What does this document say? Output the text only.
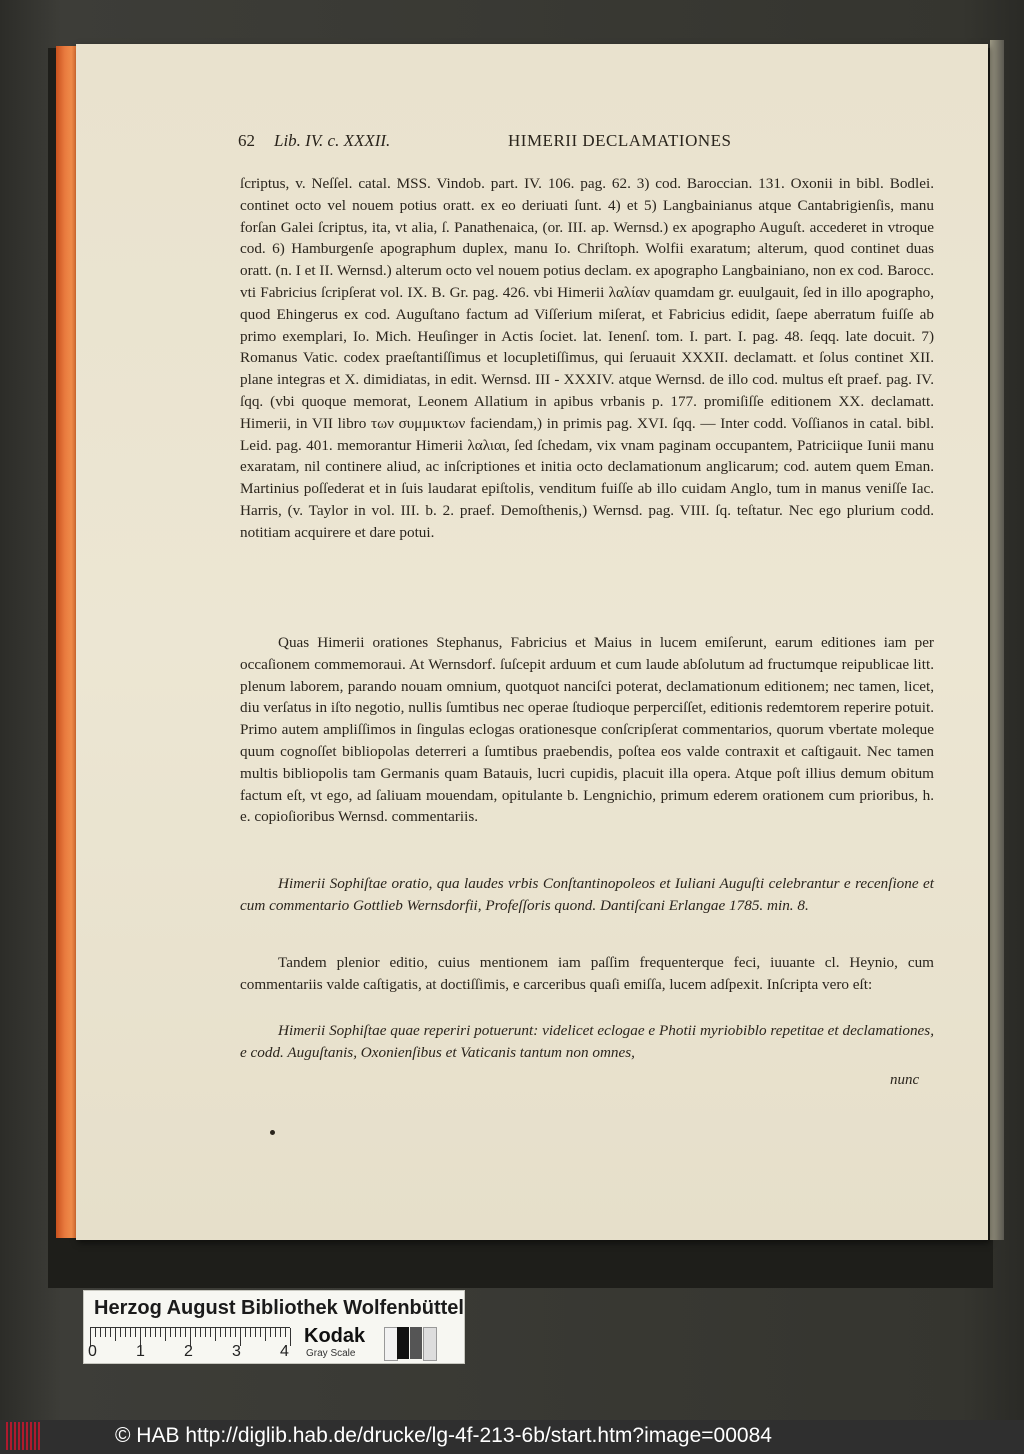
62 Lib. IV. c. XXXII.	HIMERII DECLAMATIONES

ſcriptus, v. Neſſel. catal. MSS. Vindob. part. IV. 106. pag. 62. 3) cod. Baroccian. 131. Oxonii in bibl. Bodlei. continet octo vel nouem potius oratt. ex eo deriuati ſunt. 4) et 5) Langbainianus atque Cantabrigienſis, manu forſan Galei ſcriptus, ita, vt alia, ſ. Panathenaica, (or. III. ap. Wernsd.) ex apographo Auguſt. accederet in vtroque cod. 6) Hamburgenſe apographum duplex, manu Io. Chriſtoph. Wolfii exaratum; alterum, quod continet duas oratt. (n. I et II. Wernsd.) alterum octo vel nouem potius declam. ex apographo Langbainiano, non ex cod. Barocc. vti Fabricius ſcripſerat vol. IX. B. Gr. pag. 426. vbi Himerii λαλίαν quamdam gr. euulgauit, ſed in illo apographo, quod Ehingerus ex cod. Auguſtano factum ad Viſſerium miſerat, et Fabricius edidit, ſaepe aberratum fuiſſe ab primo exemplari, Io. Mich. Heuſinger in Actis ſociet. lat. Ienenſ. tom. I. part. I. pag. 48. ſeqq. late docuit. 7) Romanus Vatic. codex praeſtantiſſimus et locupletiſſimus, qui ſeruauit XXXII. declamatt. et ſolus continet XII. plane integras et X. dimidiatas, in edit. Wernsd. III - XXXIV. atque Wernsd. de illo cod. multus eſt praef. pag. IV. ſqq. (vbi quoque memorat, Leonem Allatium in apibus vrbanis p. 177. promiſiſſe editionem XX. declamatt. Himerii, in VII libro των συμμικτων faciendam,) in primis pag. XVI. ſqq. — Inter codd. Voſſianos in catal. bibl. Leid. pag. 401. memorantur Himerii λαλιαι, ſed ſchedam, vix vnam paginam occupantem, Patriciique Iunii manu exaratam, nil continere aliud, ac inſcriptiones et initia octo declamationum anglicarum; cod. autem quem Eman. Martinius poſſederat et in ſuis laudarat epiſtolis, venditum fuiſſe ab illo cuidam Anglo, tum in manus veniſſe Iac. Harris, (v. Taylor in vol. III. b. 2. praef. Demoſthenis,) Wernsd. pag. VIII. ſq. teſtatur. Nec ego plurium codd. notitiam acquirere et dare potui.

Quas Himerii orationes Stephanus, Fabricius et Maius in lucem emiſerunt, earum editiones iam per occaſionem commemoraui. At Wernsdorf. ſuſcepit arduum et cum laude abſolutum ad fructumque reipublicae litt. plenum laborem, parando nouam omnium, quotquot nanciſci poterat, declamationum editionem; nec tamen, licet, diu verſatus in iſto negotio, nullis ſumtibus nec operae ſtudioque perperciſſet, editionis redemtorem reperire potuit. Primo autem ampliſſimos in ſingulas eclogas orationesque conſcripſerat commentarios, quorum vbertate moleque quum cognoſſet bibliopolas deterreri a ſumtibus praebendis, poſtea eos valde contraxit et caſtigauit. Nec tamen multis bibliopolis tam Germanis quam Batauis, lucri cupidis, placuit illa opera. Atque poſt illius demum obitum factum eſt, vt ego, ad ſaliuam mouendam, opitulante b. Lengnichio, primum ederem orationem cum prioribus, h. e. copioſioribus Wernsd. commentariis.

Himerii Sophiſtae oratio, qua laudes vrbis Conſtantinopoleos et Iuliani Auguſti celebrantur e recenſione et cum commentario Gottlieb Wernsdorfii, Profeſſoris quond. Dantiſcani Erlangae 1785. min. 8.

Tandem plenior editio, cuius mentionem iam paſſim frequenterque feci, iuuante cl. Heynio, cum commentariis valde caſtigatis, at doctiſſimis, e carceribus quaſi emiſſa, lucem adſpexit. Inſcripta vero eſt:

Himerii Sophiſtae quae reperiri potuerunt: videlicet eclogae e Photii myriobiblo repetitae et declamationes, e codd. Auguſtanis, Oxonienſibus et Vaticanis tantum non omnes,

nunc
Herzog August Bibliothek Wolfenbüttel
0 1 2 3 4
Kodak
Gray Scale
© HAB http://diglib.hab.de/drucke/lg-4f-213-6b/start.htm?image=00084
